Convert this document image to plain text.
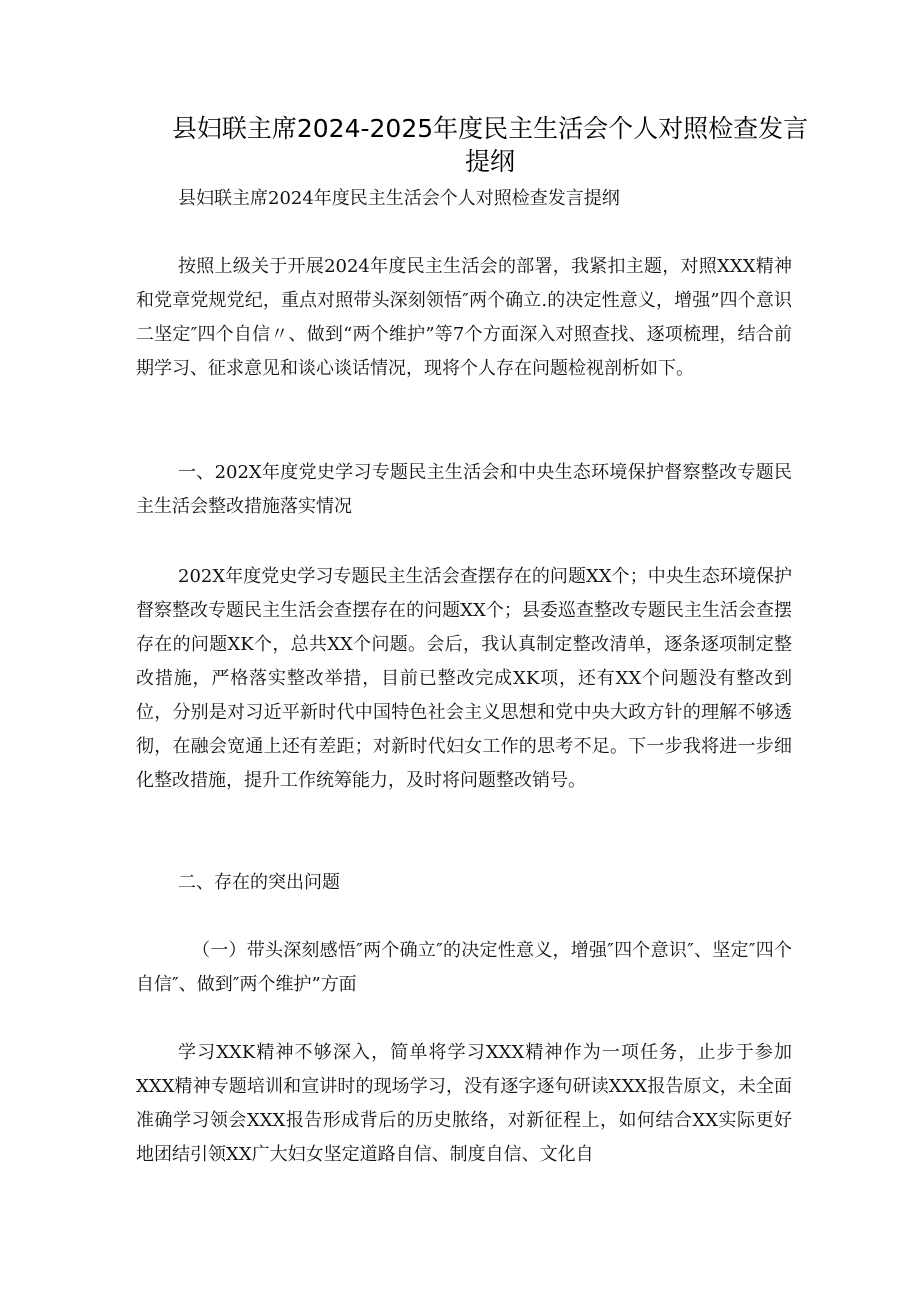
县妇联主席2024-2025年度民主生活会个人对照检查发言提纲

县妇联主席2024年度民主生活会个人对照检查发言提纲

按照上级关于开展2024年度民主生活会的部署，我紧扣主题，对照XXX精神和党章党规党纪，重点对照带头深刻领悟″两个确立.的决定性意义，增强”四个意识二坚定″四个自信〃、做到“两个维护”等7个方面深入对照查找、逐项梳理，结合前期学习、征求意见和谈心谈话情况，现将个人存在问题检视剖析如下。

一、202X年度党史学习专题民主生活会和中央生态环境保护督察整改专题民主生活会整改措施落实情况

202X年度党史学习专题民主生活会查摆存在的问题XX个；中央生态环境保护督察整改专题民主生活会查摆存在的问题XX个；县委巡查整改专题民主生活会查摆存在的问题XK个，总共XX个问题。会后，我认真制定整改清单，逐条逐项制定整改措施，严格落实整改举措，目前已整改完成XK项，还有XX个问题没有整改到位，分别是对习近平新时代中国特色社会主义思想和党中央大政方针的理解不够透彻，在融会宽通上还有差距；对新时代妇女工作的思考不足。下一步我将进一步细化整改措施，提升工作统筹能力，及时将问题整改销号。

二、存在的突出问题

（一）带头深刻感悟″两个确立″的决定性意义，增强″四个意识″、坚定″四个自信″、做到″两个维护”方面

学习XXK精神不够深入，简单将学习XXX精神作为一项任务，止步于参加XXX精神专题培训和宣讲时的现场学习，没有逐字逐句研读XXX报告原文，未全面准确学习领会XXX报告形成背后的历史脓络，对新征程上，如何结合XX实际更好地团结引领XX广大妇女坚定道路自信、制度自信、文化自
